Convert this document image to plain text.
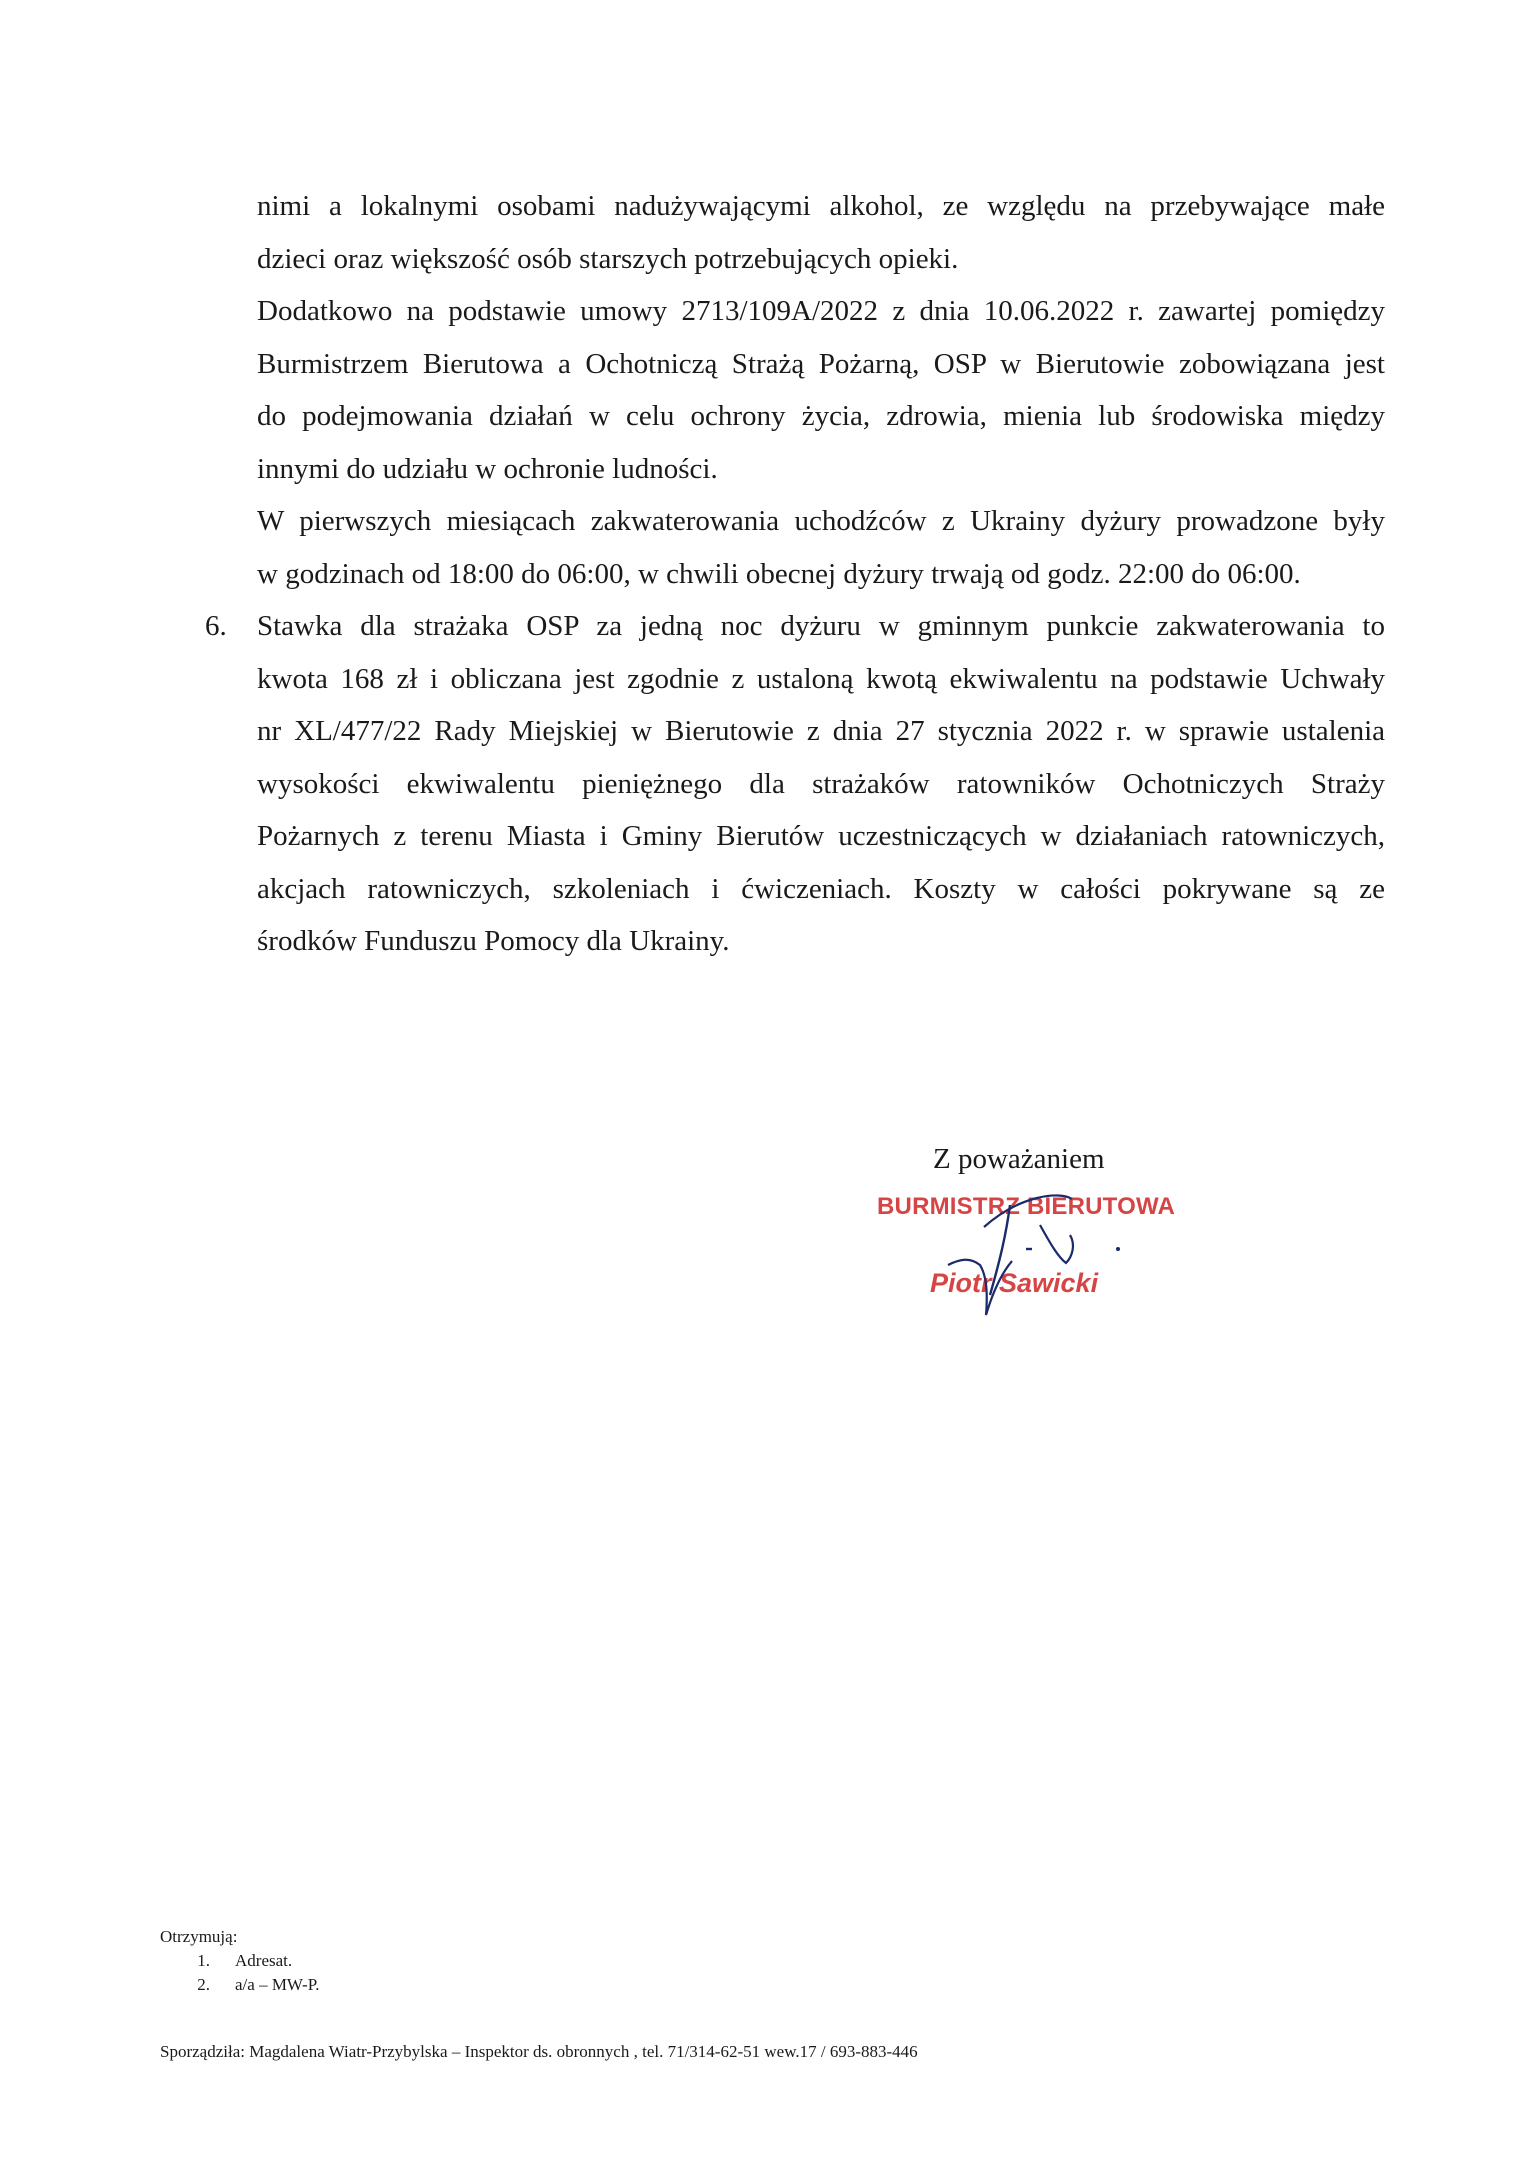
nimi a lokalnymi osobami nadużywającymi alkohol, ze względu na przebywające małe
dzieci oraz większość osób starszych potrzebujących opieki.
Dodatkowo na podstawie umowy 2713/109A/2022 z dnia 10.06.2022 r. zawartej pomiędzy
Burmistrzem Bierutowa a Ochotniczą Strażą Pożarną, OSP w Bierutowie zobowiązana jest
do podejmowania działań w celu ochrony życia, zdrowia, mienia lub środowiska między
innymi do udziału w ochronie ludności.
W pierwszych miesiącach zakwaterowania uchodźców z Ukrainy dyżury prowadzone były
w godzinach od 18:00 do 06:00, w chwili obecnej dyżury trwają od godz. 22:00 do 06:00.
6. Stawka dla strażaka OSP za jedną noc dyżuru w gminnym punkcie zakwaterowania to
kwota 168 zł i obliczana jest zgodnie z ustaloną kwotą ekwiwalentu na podstawie Uchwały
nr XL/477/22 Rady Miejskiej w Bierutowie z dnia 27 stycznia 2022 r. w sprawie ustalenia
wysokości ekwiwalentu pieniężnego dla strażaków ratowników Ochotniczych Straży
Pożarnych z terenu Miasta i Gminy Bierutów uczestniczących w działaniach ratowniczych,
akcjach ratowniczych, szkoleniach i ćwiczeniach. Koszty w całości pokrywane są ze
środków Funduszu Pomocy dla Ukrainy.
Z poważaniem
BURMISTRZ BIERUTOWA
Piotr Sawicki
Otrzymują:
1.	Adresat.
2.	a/a – MW-P.
Sporządziła: Magdalena Wiatr-Przybylska – Inspektor ds. obronnych , tel. 71/314-62-51 wew.17 / 693-883-446
